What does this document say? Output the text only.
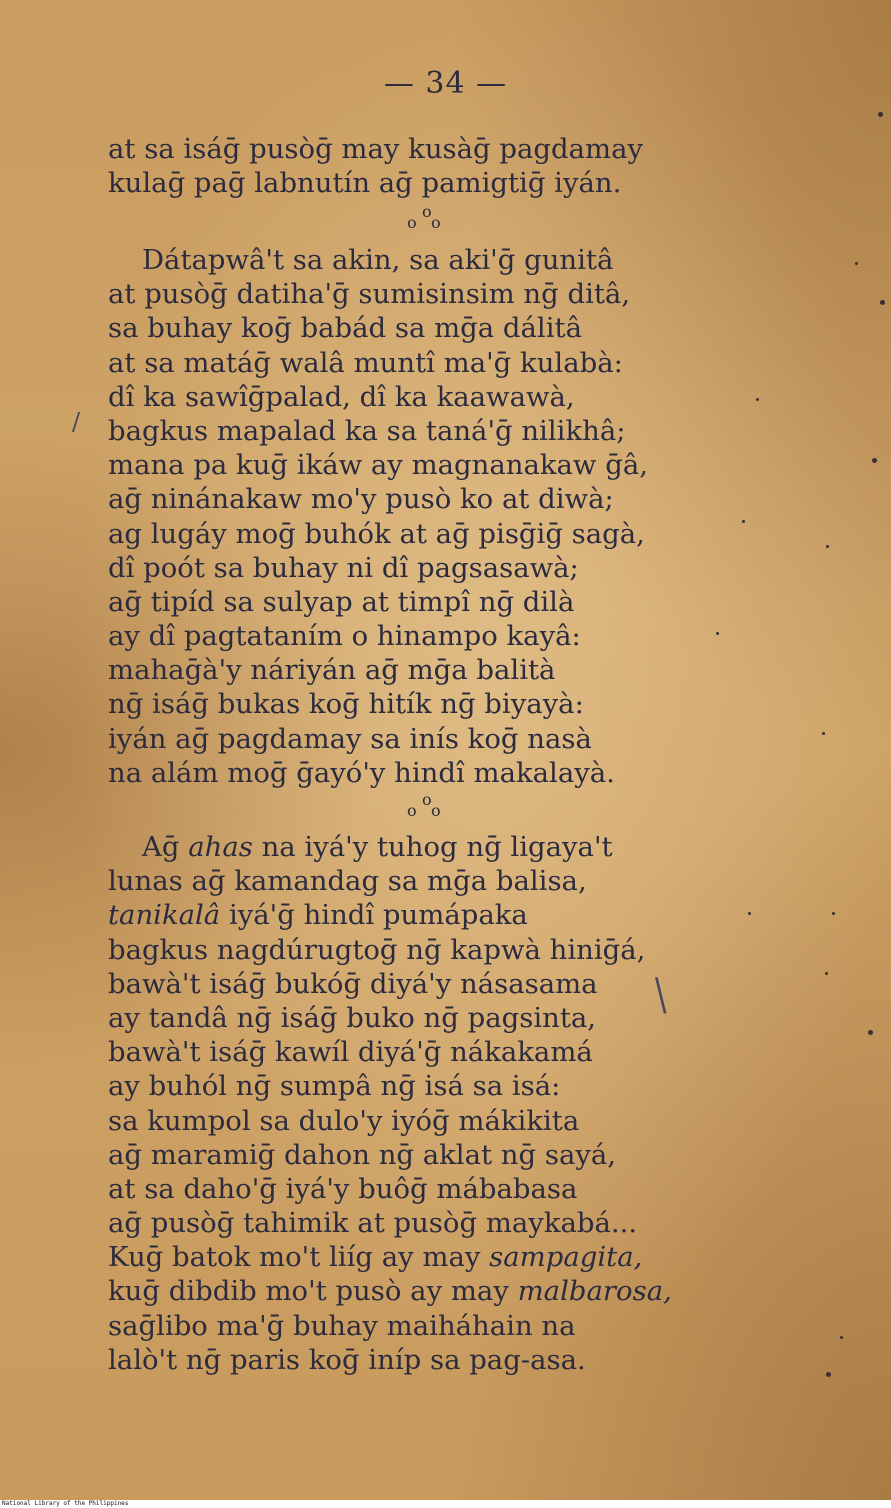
— 34 —
at sa isáḡ pusòḡ may kusàḡ pagdamay
kulaḡ paḡ labnutín aḡ pamigtiḡ iyán.
o
o o
Dátapwâ't sa akin, sa aki'ḡ gunitâ
at pusòḡ datiha'ḡ sumisinsim nḡ ditâ,
sa buhay koḡ babád sa mḡa dálitâ
at sa matáḡ walâ muntî ma'ḡ kulabà:
dî ka sawîḡpalad, dî ka kaawawà,
bagkus mapalad ka sa taná'ḡ nilikhâ;
mana pa kuḡ ikáw ay magnanakaw ḡâ,
aḡ ninánakaw mo'y pusò ko at diwà;
ag lugáy moḡ buhók at aḡ pisḡiḡ sagà,
dî poót sa buhay ni dî pagsasawà;
aḡ tipíd sa sulyap at timpî nḡ dilà
ay dî pagtataním o hinampo kayâ:
mahaḡà'y náriyán aḡ mḡa balità
nḡ isáḡ bukas koḡ hitík nḡ biyayà:
iyán aḡ pagdamay sa inís koḡ nasà
na alám moḡ ḡayó'y hindî makalayà.
o
o o
Aḡ ahas na iyá'y tuhog nḡ ligaya't
lunas aḡ kamandag sa mḡa balisa,
tanikalâ iyá'ḡ hindî pumápaka
bagkus nagdúrugtoḡ nḡ kapwà hiniḡá,
bawà't isáḡ bukóḡ diyá'y násasama
ay tandâ nḡ isáḡ buko nḡ pagsinta,
bawà't isáḡ kawíl diyá'ḡ nákakamá
ay buhól nḡ sumpâ nḡ isá sa isá:
sa kumpol sa dulo'y iyóḡ mákikita
aḡ maramiḡ dahon nḡ aklat nḡ sayá,
at sa daho'ḡ iyá'y buôḡ mábabasa
aḡ pusòḡ tahimik at pusòḡ maykabá...
Kuḡ batok mo't liíg ay may sampagita,
kuḡ dibdib mo't pusò ay may malbarosa,
saḡlibo ma'ḡ buhay maiháhain na
lalò't nḡ paris koḡ iníp sa pag-asa.
/
\
National Library of the Philippines
